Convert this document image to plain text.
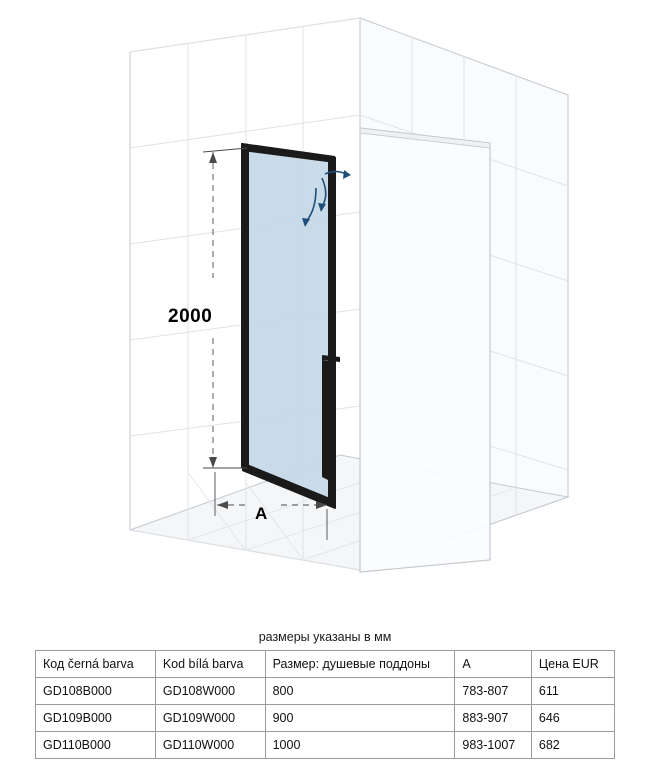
2000
A
размеры указаны в мм
Код černá barva	Kod bílá barva	Размер: душевые поддоны	A	Цена EUR
GD108B000	GD108W000	800	783-807	611
GD109B000	GD109W000	900	883-907	646
GD110B000	GD110W000	1000	983-1007	682
